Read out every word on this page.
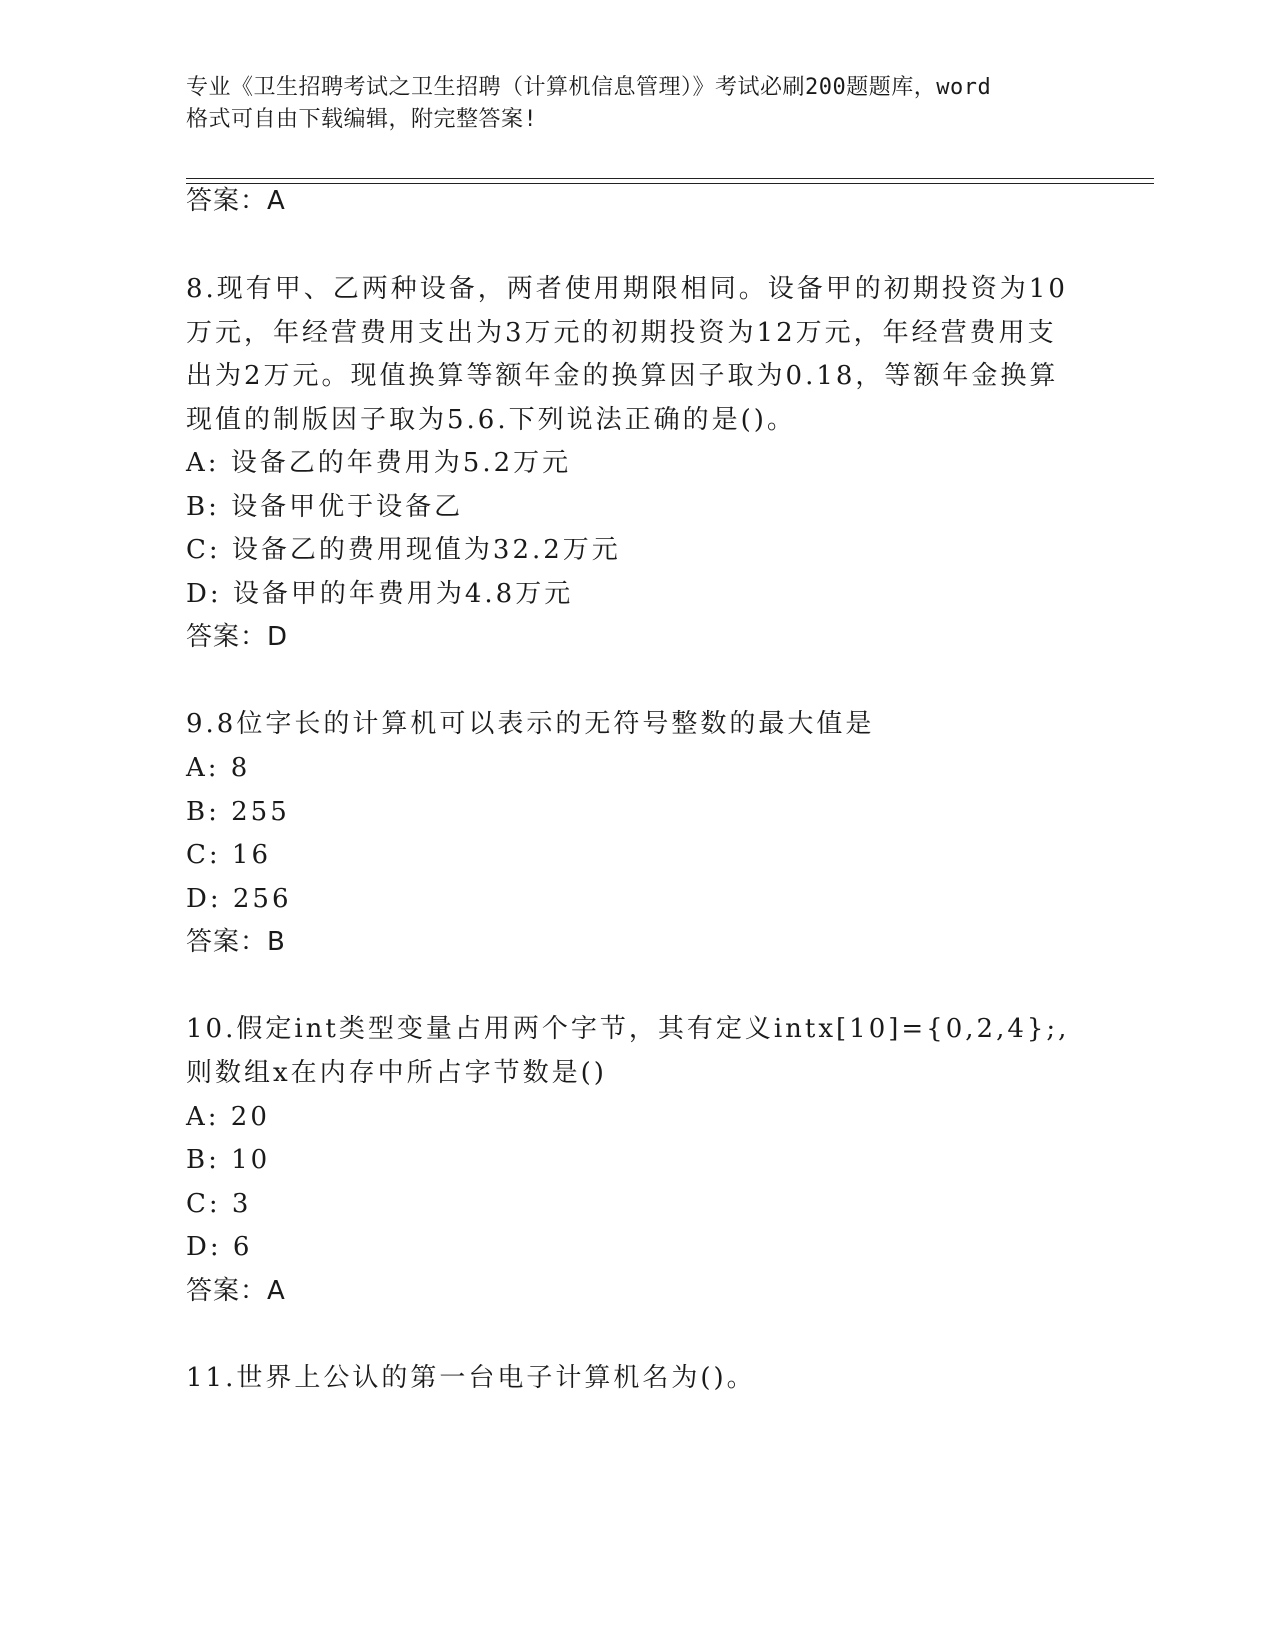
专业《卫生招聘考试之卫生招聘（计算机信息管理）》考试必刷200题题库，word
格式可自由下载编辑，附完整答案!
答案：A
8.现有甲、乙两种设备，两者使用期限相同。设备甲的初期投资为10
万元，年经营费用支出为3万元的初期投资为12万元，年经营费用支
出为2万元。现值换算等额年金的换算因子取为0.18，等额年金换算
现值的制版因子取为5.6.下列说法正确的是()。
A: 设备乙的年费用为5.2万元
B: 设备甲优于设备乙
C: 设备乙的费用现值为32.2万元
D: 设备甲的年费用为4.8万元
答案：D
9.8位字长的计算机可以表示的无符号整数的最大值是
A: 8
B: 255
C: 16
D: 256
答案：B
10.假定int类型变量占用两个字节，其有定义intx[10]={0,2,4};,
则数组x在内存中所占字节数是()
A: 20
B: 10
C: 3
D: 6
答案：A
11.世界上公认的第一台电子计算机名为()。
